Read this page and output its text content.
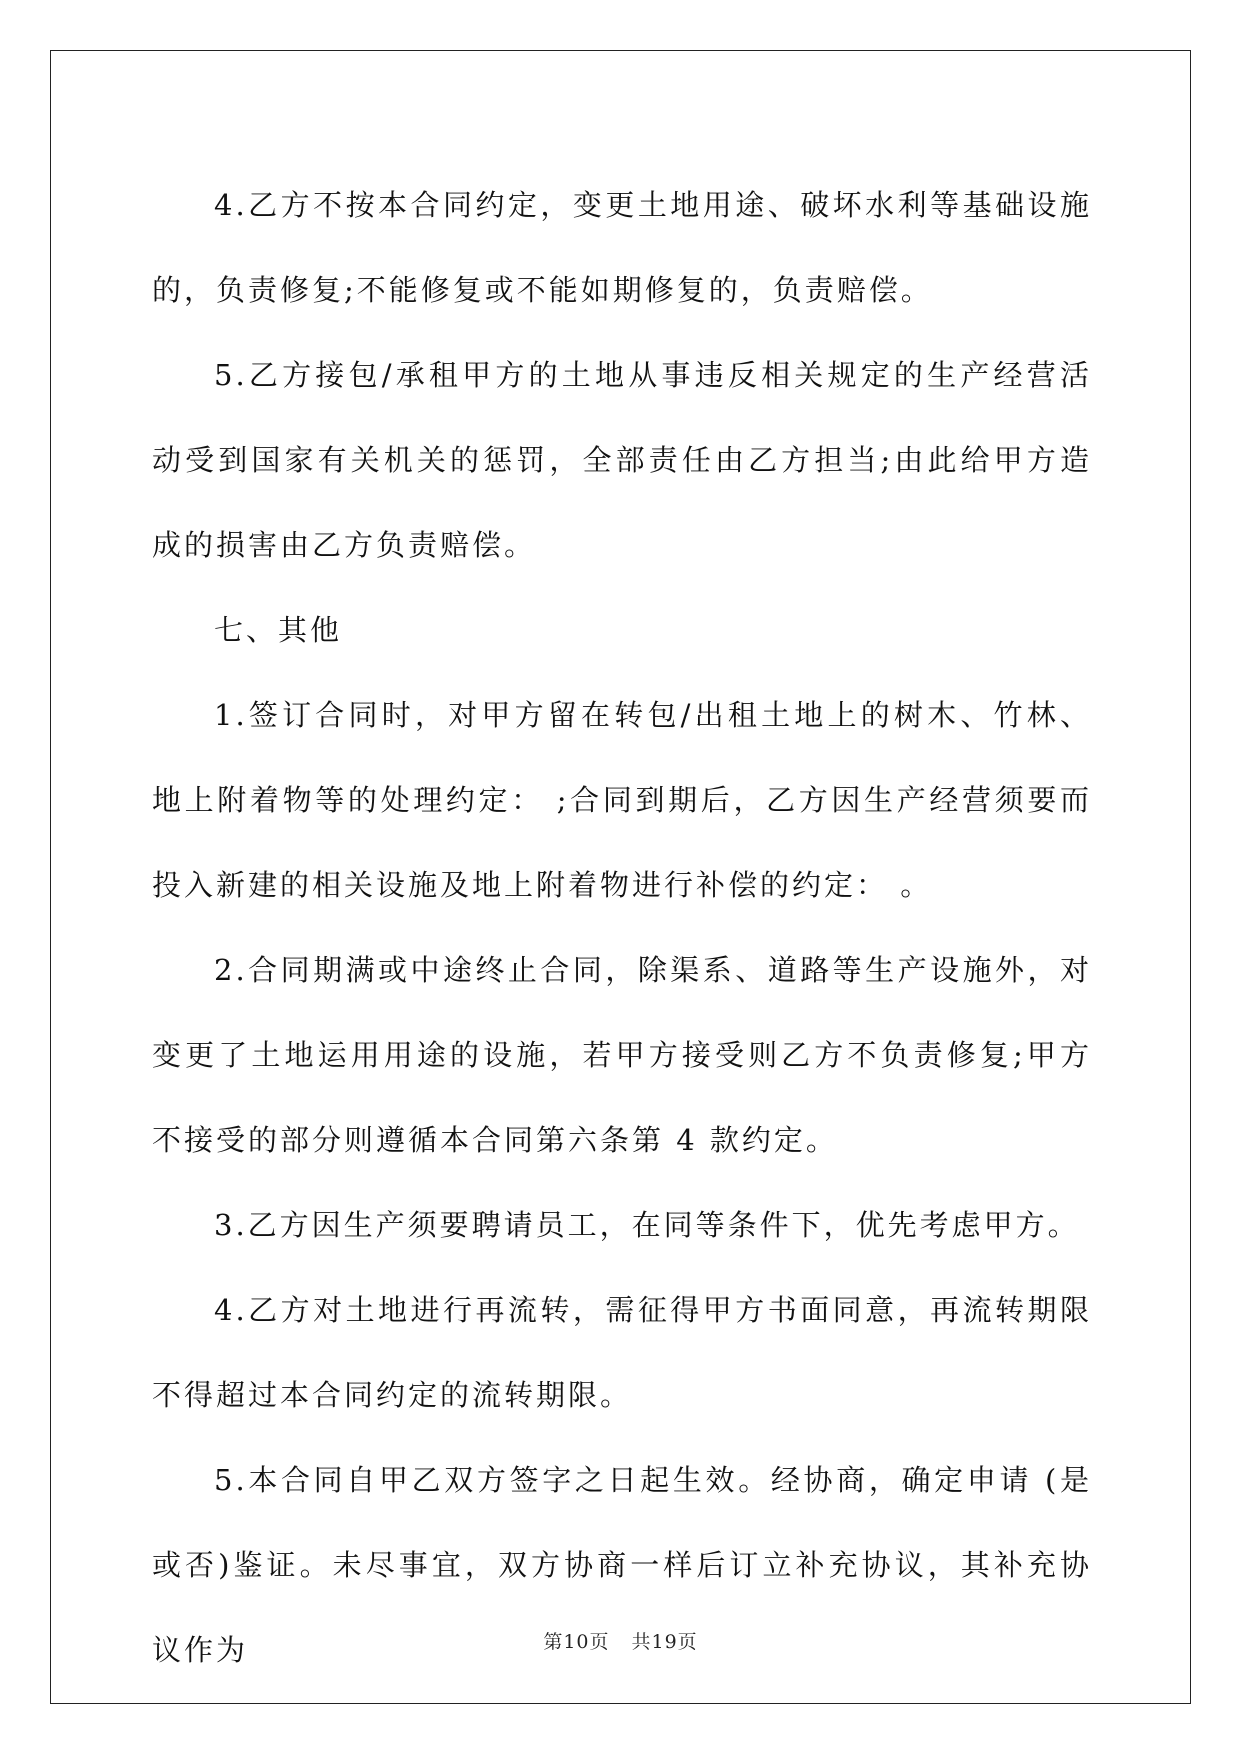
4.乙方不按本合同约定，变更土地用途、破坏水利等基础设施的，负责修复;不能修复或不能如期修复的，负责赔偿。

5.乙方接包/承租甲方的土地从事违反相关规定的生产经营活动受到国家有关机关的惩罚，全部责任由乙方担当;由此给甲方造成的损害由乙方负责赔偿。

七、其他

1.签订合同时，对甲方留在转包/出租土地上的树木、竹林、地上附着物等的处理约定： ;合同到期后，乙方因生产经营须要而投入新建的相关设施及地上附着物进行补偿的约定： 。

2.合同期满或中途终止合同，除渠系、道路等生产设施外，对变更了土地运用用途的设施，若甲方接受则乙方不负责修复;甲方不接受的部分则遵循本合同第六条第 4 款约定。

3.乙方因生产须要聘请员工，在同等条件下，优先考虑甲方。

4.乙方对土地进行再流转，需征得甲方书面同意，再流转期限不得超过本合同约定的流转期限。

5.本合同自甲乙双方签字之日起生效。经协商，确定申请 (是或否)鉴证。未尽事宜，双方协商一样后订立补充协议，其补充协议作为	第10页 共19页
